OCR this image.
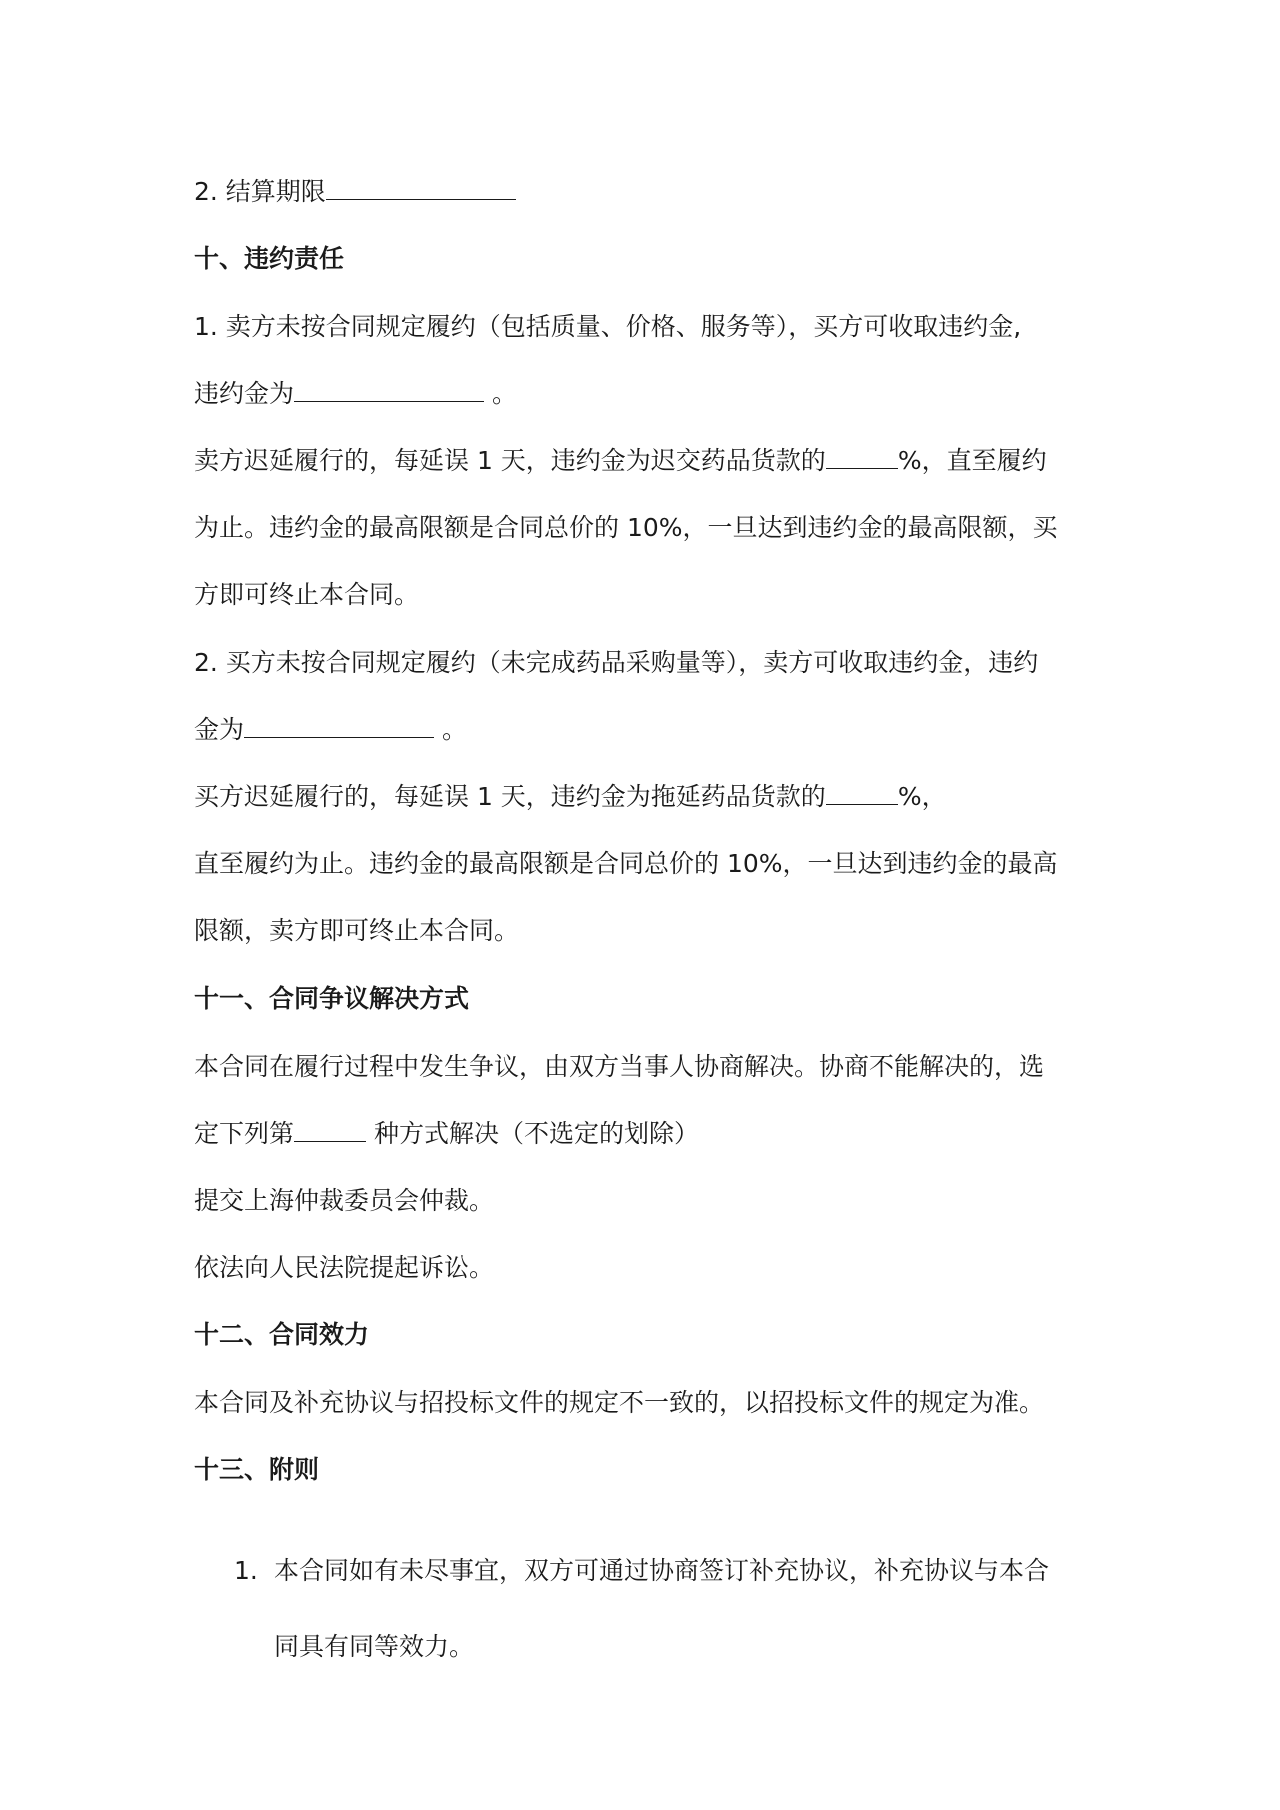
2. 结算期限
十、违约责任
1. 卖方未按合同规定履约（包括质量、价格、服务等），买方可收取违约金,
违约金为	。
卖方迟延履行的，每延误 1 天，违约金为迟交药品货款的	%，直至履约
为止。违约金的最高限额是合同总价的 10%，一旦达到违约金的最高限额，买
方即可终止本合同。
2. 买方未按合同规定履约（未完成药品采购量等），卖方可收取违约金，违约
金为	。
买方迟延履行的，每延误 1 天，违约金为拖延药品货款的	%，
直至履约为止。违约金的最高限额是合同总价的 10%，一旦达到违约金的最高
限额，卖方即可终止本合同。
十一、合同争议解决方式
本合同在履行过程中发生争议，由双方当事人协商解决。协商不能解决的，选
定下列第	种方式解决（不选定的划除）
提交上海仲裁委员会仲裁。
依法向人民法院提起诉讼。
十二、合同效力
本合同及补充协议与招投标文件的规定不一致的，以招投标文件的规定为准。
十三、附则
1. 本合同如有未尽事宜，双方可通过协商签订补充协议，补充协议与本合
同具有同等效力。
